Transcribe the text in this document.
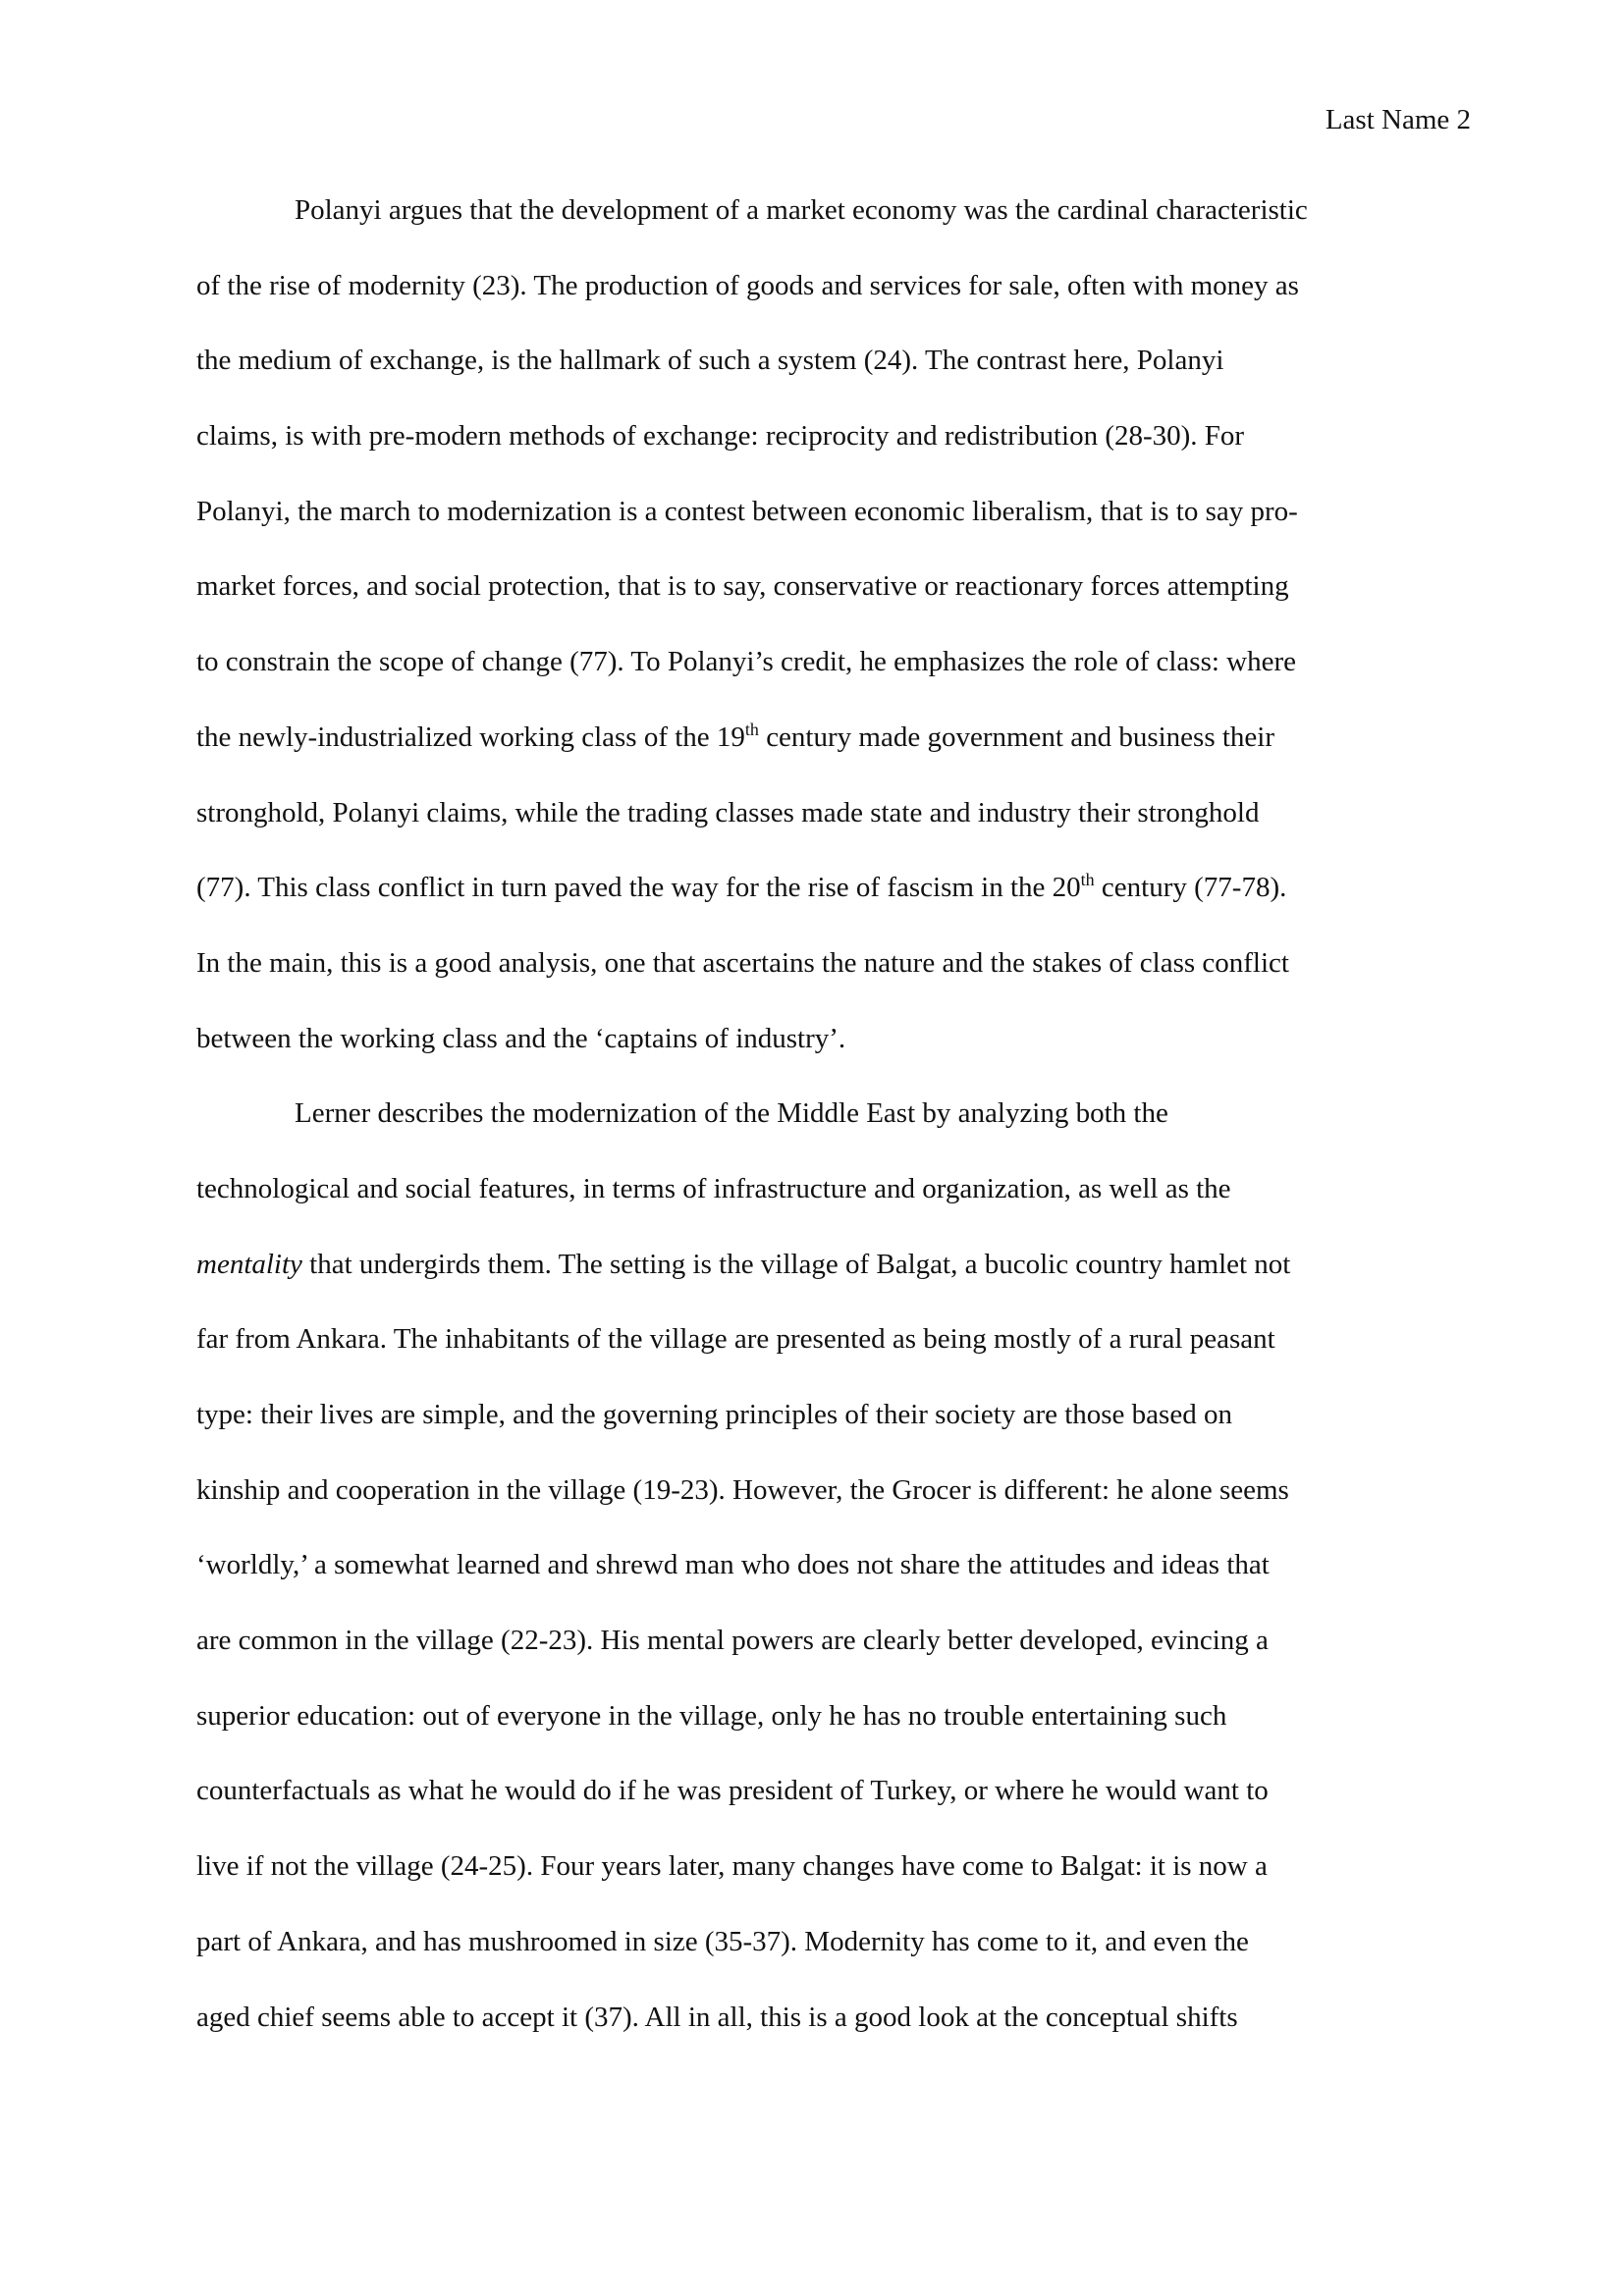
Last Name 2

Polanyi argues that the development of a market economy was the cardinal characteristic

of the rise of modernity (23). The production of goods and services for sale, often with money as

the medium of exchange, is the hallmark of such a system (24). The contrast here, Polanyi

claims, is with pre-modern methods of exchange: reciprocity and redistribution (28-30). For

Polanyi, the march to modernization is a contest between economic liberalism, that is to say pro-

market forces, and social protection, that is to say, conservative or reactionary forces attempting

to constrain the scope of change (77). To Polanyi’s credit, he emphasizes the role of class: where

the newly-industrialized working class of the 19th century made government and business their

stronghold, Polanyi claims, while the trading classes made state and industry their stronghold

(77). This class conflict in turn paved the way for the rise of fascism in the 20th century (77-78).

In the main, this is a good analysis, one that ascertains the nature and the stakes of class conflict

between the working class and the ‘captains of industry’.

Lerner describes the modernization of the Middle East by analyzing both the

technological and social features, in terms of infrastructure and organization, as well as the

mentality that undergirds them. The setting is the village of Balgat, a bucolic country hamlet not

far from Ankara. The inhabitants of the village are presented as being mostly of a rural peasant

type: their lives are simple, and the governing principles of their society are those based on

kinship and cooperation in the village (19-23). However, the Grocer is different: he alone seems

‘worldly,’ a somewhat learned and shrewd man who does not share the attitudes and ideas that

are common in the village (22-23). His mental powers are clearly better developed, evincing a

superior education: out of everyone in the village, only he has no trouble entertaining such

counterfactuals as what he would do if he was president of Turkey, or where he would want to

live if not the village (24-25). Four years later, many changes have come to Balgat: it is now a

part of Ankara, and has mushroomed in size (35-37). Modernity has come to it, and even the

aged chief seems able to accept it (37). All in all, this is a good look at the conceptual shifts
